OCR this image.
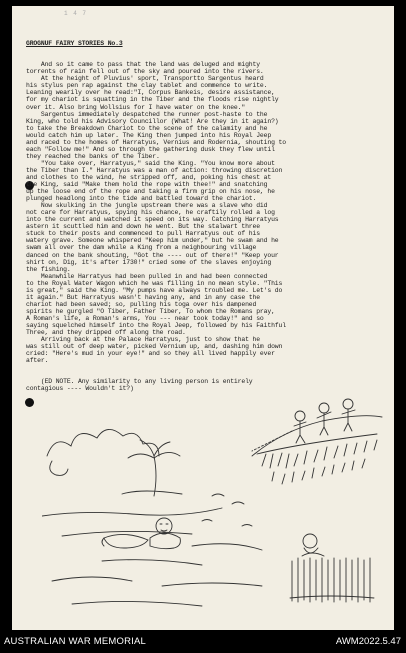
1 4 7

GROGNUF FAIRY STORIES No.3

And so it came to pass that the land was deluged and mighty
torrents of rain fell out of the sky and poured into the rivers.
At the height of Pluvius' sport, Transportto Sargentus heard
his stylus pen rap against the clay tablet and commence to write.
Leaning wearily over he read:"I, Corpus Bankeis, desire assistance,
for my chariot is squatting in the Tiber and the floods rise nightly
over it. Also bring Wollsius for I have water on the knee."
Sargentus immediately despatched the runner post-haste to the
King, who told his Advisory Councillor (What! Are they in it again?)
to take the Breakdown Chariot to the scene of the calamity and he
would catch him up later. The King then jumped into his Royal Jeep
and raced to the homes of Harratyus, Vernius and Rodernia, shouting to
each "Follow me!" And so through the gathering dusk they flew until
they reached the banks of the Tiber.
"You take over, Harratyus," said the King. "You know more about
the Tiber than I." Harratyus was a man of action: throwing discretion
and clothes to the wind, he stripped off, and, poking his chest at
the King, said "Make them hold the rope with thee!" and snatching
up the loose end of the rope and taking a firm grip on his nose, he
plunged headlong into the tide and battled toward the chariot.
Now skulking in the jungle upstream there was a slave who did
not care for Harratyus, spying his chance, he craftily rolled a log
into the current and watched it speed on its way. Catching Harratyus
astern it scuttled him and down he went. But the stalwart three
stuck to their posts and commenced to pull Harratyus out of his
watery grave. Someone whispered "Keep him under," but he swam and he
swam all over the dam while a King from a neighbouring village
danced on the bank shouting, "Got the ---- out of there!" "Keep your
shirt on, Dig, it's after 1730!" cried some of the slaves enjoying
the fishing.
Meanwhile Harratyus had been pulled in and had been connected
to the Royal Water Wagon which he was filling in no mean style. "This
is great," said the King. "My pumps have always troubled me. Let's do
it again." But Harratyus wasn't having any, and in any case the
chariot had been saved; so, pulling his toga over his dampened
spirits he gurgled "O Tiber, Father Tiber, To whom the Romans pray,
A Roman's life, a Roman's arms, You --- near took today!" and so
saying squelched himself into the Royal Jeep, followed by his Faithful
Three, and they dripped off along the road.
Arriving back at the Palace Harratyus, just to show that he
was still out of deep water, picked Vernium up, and, dashing him down
cried: "Here's mud in your eye!" and so they all lived happily ever
after.

(ED NOTE. Any similarity to any living person is entirely
contagious ---- Wouldn't it?)

AUSTRALIAN WAR MEMORIAL	AWM2022.5.47
